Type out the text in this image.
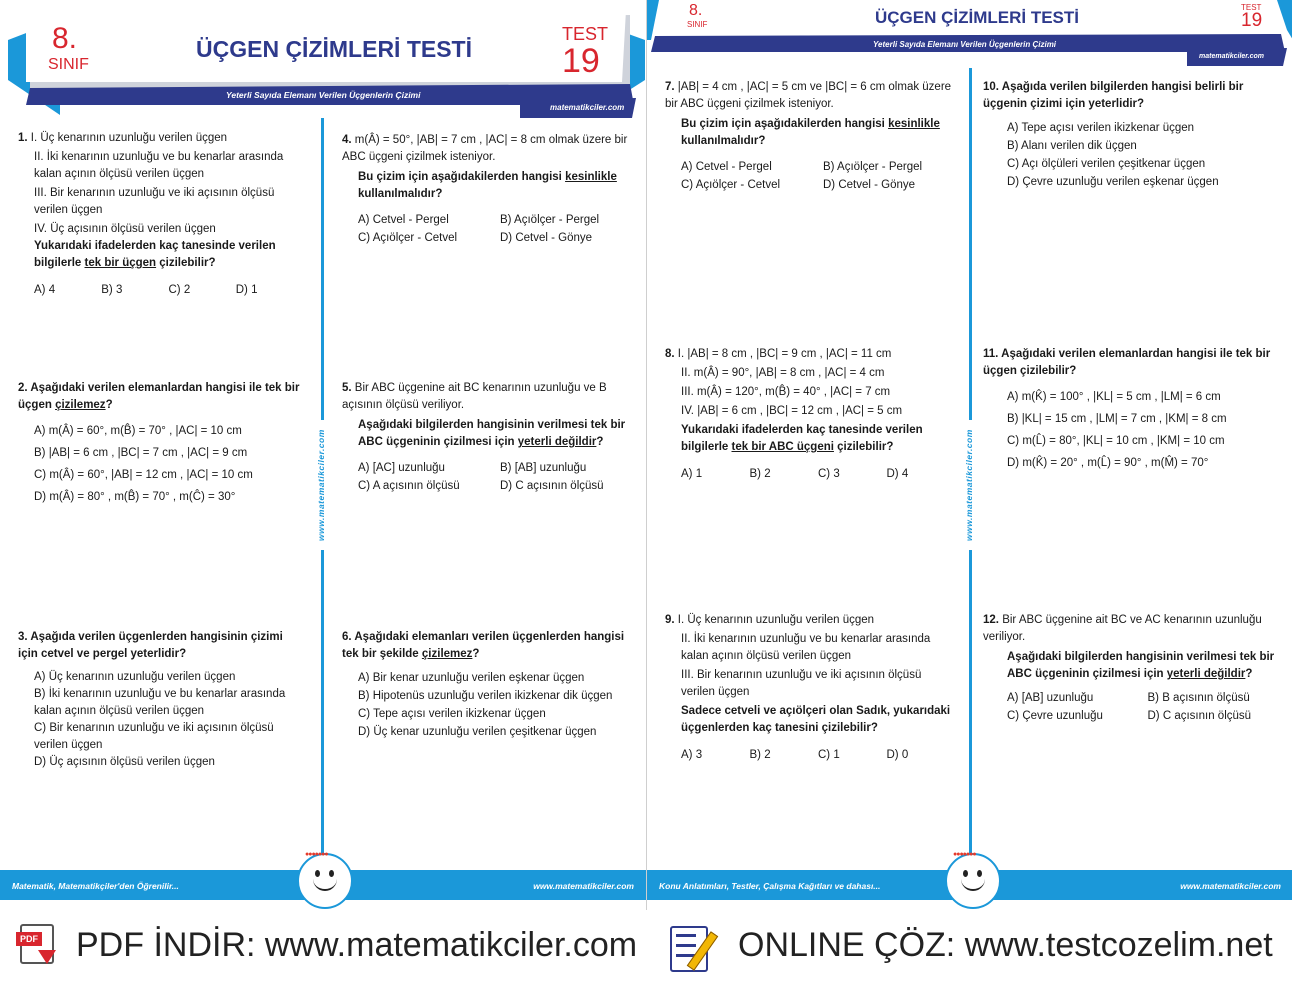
8.
SINIF
ÜÇGEN ÇİZİMLERİ TESTİ
TEST
19
Yeterli Sayıda Elemanı Verilen Üçgenlerin Çizimi
matematikciler.com
www.matematikciler.com

1. I. Üç kenarının uzunluğu verilen üçgen

II. İki kenarının uzunluğu ve bu kenarlar arasında kalan açının ölçüsü verilen üçgen

III. Bir kenarının uzunluğu ve iki açısının ölçüsü verilen üçgen

IV. Üç açısının ölçüsü verilen üçgen

Yukarıdaki ifadelerden kaç tanesinde verilen bilgilerle tek bir üçgen çizilebilir?

A) 4	B) 3	C) 2	D) 1

2. Aşağıdaki verilen elemanlardan hangisi ile tek bir üçgen çizilemez?

A) m(Â) = 60°, m(B̂) = 70° , |AC| = 10 cm
B) |AB| = 6 cm , |BC| = 7 cm , |AC| = 9 cm
C) m(Â) = 60°, |AB| = 12 cm , |AC| = 10 cm
D) m(Â) = 80° , m(B̂) = 70° , m(Ĉ) = 30°

3. Aşağıda verilen üçgenlerden hangisinin çizimi için cetvel ve pergel yeterlidir?

A) Üç kenarının uzunluğu verilen üçgen
B) İki kenarının uzunluğu ve bu kenarlar arasında kalan açının ölçüsü verilen üçgen
C) Bir kenarının uzunluğu ve iki açısının ölçüsü verilen üçgen
D) Üç açısının ölçüsü verilen üçgen

4. m(Â) = 50°, |AB| = 7 cm , |AC| = 8 cm olmak üzere bir ABC üçgeni çizilmek isteniyor.

Bu çizim için aşağıdakilerden hangisi kesinlikle kullanılmalıdır?

A) Cetvel - Pergel	B) Açıölçer - Pergel
C) Açıölçer - Cetvel	D) Cetvel - Gönye

5. Bir ABC üçgenine ait BC kenarının uzunluğu ve B açısının ölçüsü veriliyor.

Aşağıdaki bilgilerden hangisinin verilmesi tek bir ABC üçgeninin çizilmesi için yeterli değildir?

A) [AC] uzunluğu	B) [AB] uzunluğu
C) A açısının ölçüsü	D) C açısının ölçüsü

6. Aşağıdaki elemanları verilen üçgenlerden hangisi tek bir şekilde çizilemez?

A) Bir kenar uzunluğu verilen eşkenar üçgen
B) Hipotenüs uzunluğu verilen ikizkenar dik üçgen
C) Tepe açısı verilen ikizkenar üçgen
D) Üç kenar uzunluğu verilen çeşitkenar üçgen
Matematik, Matematikçiler'den Öğrenilir...	www.matematikciler.com
●●●●●●●
8.
SINIF	ÜÇGEN ÇİZİMLERİ TESTİ
TEST
19
Yeterli Sayıda Elemanı Verilen Üçgenlerin Çizimi
matematikciler.com
www.matematikciler.com

7. |AB| = 4 cm , |AC| = 5 cm ve |BC| = 6 cm olmak üzere bir ABC üçgeni çizilmek isteniyor.

Bu çizim için aşağıdakilerden hangisi kesinlikle kullanılmalıdır?

A) Cetvel - Pergel	B) Açıölçer - Pergel
C) Açıölçer - Cetvel	D) Cetvel - Gönye

8. I. |AB| = 8 cm , |BC| = 9 cm , |AC| = 11 cm

II. m(Â) = 90°, |AB| = 8 cm , |AC| = 4 cm

III. m(Â) = 120°, m(B̂) = 40° , |AC| = 7 cm

IV. |AB| = 6 cm , |BC| = 12 cm , |AC| = 5 cm

Yukarıdaki ifadelerden kaç tanesinde verilen bilgilerle tek bir ABC üçgeni çizilebilir?

A) 1	B) 2	C) 3	D) 4

9. I. Üç kenarının uzunluğu verilen üçgen

II. İki kenarının uzunluğu ve bu kenarlar arasında kalan açının ölçüsü verilen üçgen

III. Bir kenarının uzunluğu ve iki açısının ölçüsü verilen üçgen

Sadece cetveli ve açıölçeri olan Sadık, yukarıdaki üçgenlerden kaç tanesini çizilebilir?

A) 3	B) 2	C) 1	D) 0

10. Aşağıda verilen bilgilerden hangisi belirli bir üçgenin çizimi için yeterlidir?

A) Tepe açısı verilen ikizkenar üçgen
B) Alanı verilen dik üçgen
C) Açı ölçüleri verilen çeşitkenar üçgen
D) Çevre uzunluğu verilen eşkenar üçgen

11. Aşağıdaki verilen elemanlardan hangisi ile tek bir üçgen çizilebilir?

A) m(K̂) = 100° , |KL| = 5 cm , |LM| = 6 cm
B) |KL| = 15 cm , |LM| = 7 cm , |KM| = 8 cm
C) m(L̂) = 80°, |KL| = 10 cm , |KM| = 10 cm
D) m(K̂) = 20° , m(L̂) = 90° , m(M̂) = 70°

12. Bir ABC üçgenine ait BC ve AC kenarının uzunluğu veriliyor.

Aşağıdaki bilgilerden hangisinin verilmesi tek bir ABC üçgeninin çizilmesi için yeterli değildir?

A) [AB] uzunluğu	B) B açısının ölçüsü
C) Çevre uzunluğu	D) C açısının ölçüsü
Konu Anlatımları, Testler, Çalışma Kağıtları ve dahası...	www.matematikciler.com
●●●●●●●
PDF PDF İNDİR: www.matematikciler.com	ONLINE ÇÖZ: www.testcozelim.net
